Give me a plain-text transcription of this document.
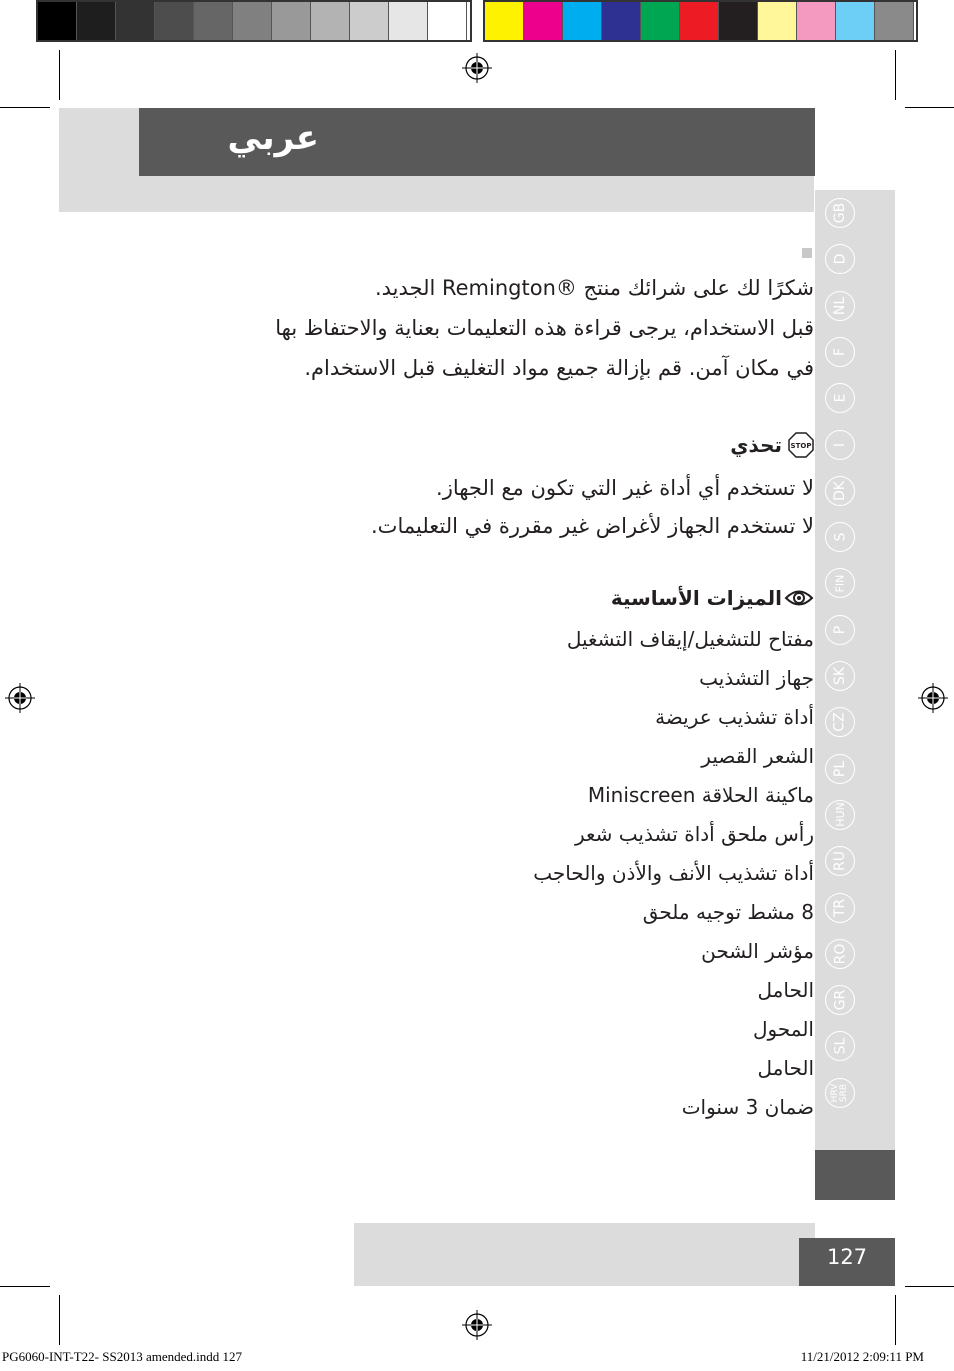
عربي
GB
D
NL
F
E
I
DK
S
FIN
P
SK
CZ
PL
HUN
RU
TR
RO
GR
SL
HRV SRB
شكرًا لك على شرائك منتج ®Remington الجديد.
قبل الاستخدام، يرجى قراءة هذه التعليمات بعناية والاحتفاظ بها
في مكان آمن. قم بإزالة جميع مواد التغليف قبل الاستخدام.
STOP
تحذي
لا تستخدم أي أداة غير التي تكون مع الجهاز.
لا تستخدم الجهاز لأغراض غير مقررة في التعليمات.
الميزات الأساسية
مفتاح للتشغيل/إيقاف التشغيل
جهاز التشذيب
أداة تشذيب عريضة
الشعر القصير
ماكينة الحلاقة Miniscreen
رأس ملحق أداة تشذيب شعر
أداة تشذيب الأنف والأذن والحاجب
8 مشط توجيه ملحق
مؤشر الشحن
الحامل
المحول
الحامل
ضمان 3 سنوات
127
PG6060-INT-T22- SS2013 amended.indd 127	11/21/2012 2:09:11 PM
